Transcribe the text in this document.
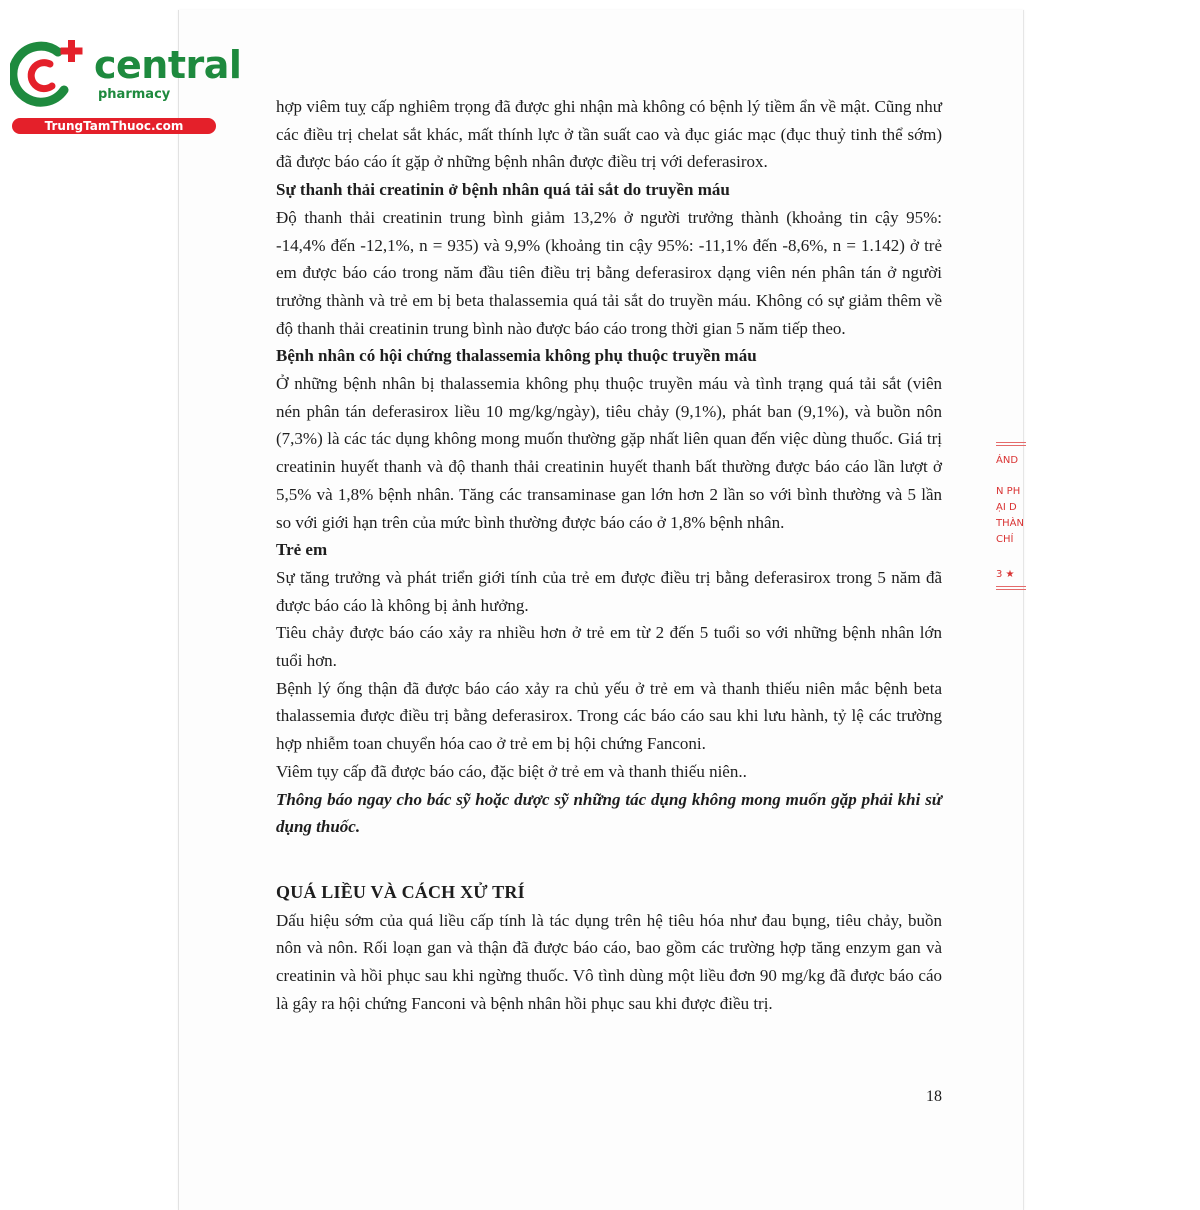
central
pharmacy
TrungTamThuoc.com

hợp viêm tuỵ cấp nghiêm trọng đã được ghi nhận mà không có bệnh lý tiềm ẩn về mật. Cũng như các điều trị chelat sắt khác, mất thính lực ở tần suất cao và đục giác mạc (đục thuỷ tinh thể sớm) đã được báo cáo ít gặp ở những bệnh nhân được điều trị với deferasirox.

Sự thanh thải creatinin ở bệnh nhân quá tải sắt do truyền máu

Độ thanh thải creatinin trung bình giảm 13,2% ở người trưởng thành (khoảng tin cậy 95%: -14,4% đến -12,1%, n = 935) và 9,9% (khoảng tin cậy 95%: -11,1% đến -8,6%, n = 1.142) ở trẻ em được báo cáo trong năm đầu tiên điều trị bằng deferasirox dạng viên nén phân tán ở người trưởng thành và trẻ em bị beta thalassemia quá tải sắt do truyền máu. Không có sự giảm thêm về độ thanh thải creatinin trung bình nào được báo cáo trong thời gian 5 năm tiếp theo.

Bệnh nhân có hội chứng thalassemia không phụ thuộc truyền máu

Ở những bệnh nhân bị thalassemia không phụ thuộc truyền máu và tình trạng quá tải sắt (viên nén phân tán deferasirox liều 10 mg/kg/ngày), tiêu chảy (9,1%), phát ban (9,1%), và buồn nôn (7,3%) là các tác dụng không mong muốn thường gặp nhất liên quan đến việc dùng thuốc. Giá trị creatinin huyết thanh và độ thanh thải creatinin huyết thanh bất thường được báo cáo lần lượt ở 5,5% và 1,8% bệnh nhân. Tăng các transaminase gan lớn hơn 2 lần so với bình thường và 5 lần so với giới hạn trên của mức bình thường được báo cáo ở 1,8% bệnh nhân.

Trẻ em

Sự tăng trưởng và phát triển giới tính của trẻ em được điều trị bằng deferasirox trong 5 năm đã được báo cáo là không bị ảnh hưởng.

Tiêu chảy được báo cáo xảy ra nhiều hơn ở trẻ em từ 2 đến 5 tuổi so với những bệnh nhân lớn tuổi hơn.

Bệnh lý ống thận đã được báo cáo xảy ra chủ yếu ở trẻ em và thanh thiếu niên mắc bệnh beta thalassemia được điều trị bằng deferasirox. Trong các báo cáo sau khi lưu hành, tỷ lệ các trường hợp nhiễm toan chuyển hóa cao ở trẻ em bị hội chứng Fanconi.

Viêm tụy cấp đã được báo cáo, đặc biệt ở trẻ em và thanh thiếu niên..

Thông báo ngay cho bác sỹ hoặc dược sỹ những tác dụng không mong muốn gặp phải khi sử dụng thuốc.

QUÁ LIỀU VÀ CÁCH XỬ TRÍ

Dấu hiệu sớm của quá liều cấp tính là tác dụng trên hệ tiêu hóa như đau bụng, tiêu chảy, buồn nôn và nôn. Rối loạn gan và thận đã được báo cáo, bao gồm các trường hợp tăng enzym gan và creatinin và hồi phục sau khi ngừng thuốc. Vô tình dùng một liều đơn 90 mg/kg đã được báo cáo là gây ra hội chứng Fanconi và bệnh nhân hồi phục sau khi được điều trị.

18
ÁND
N PH
ẠI D
THÀN
CHÍ
3 ★
